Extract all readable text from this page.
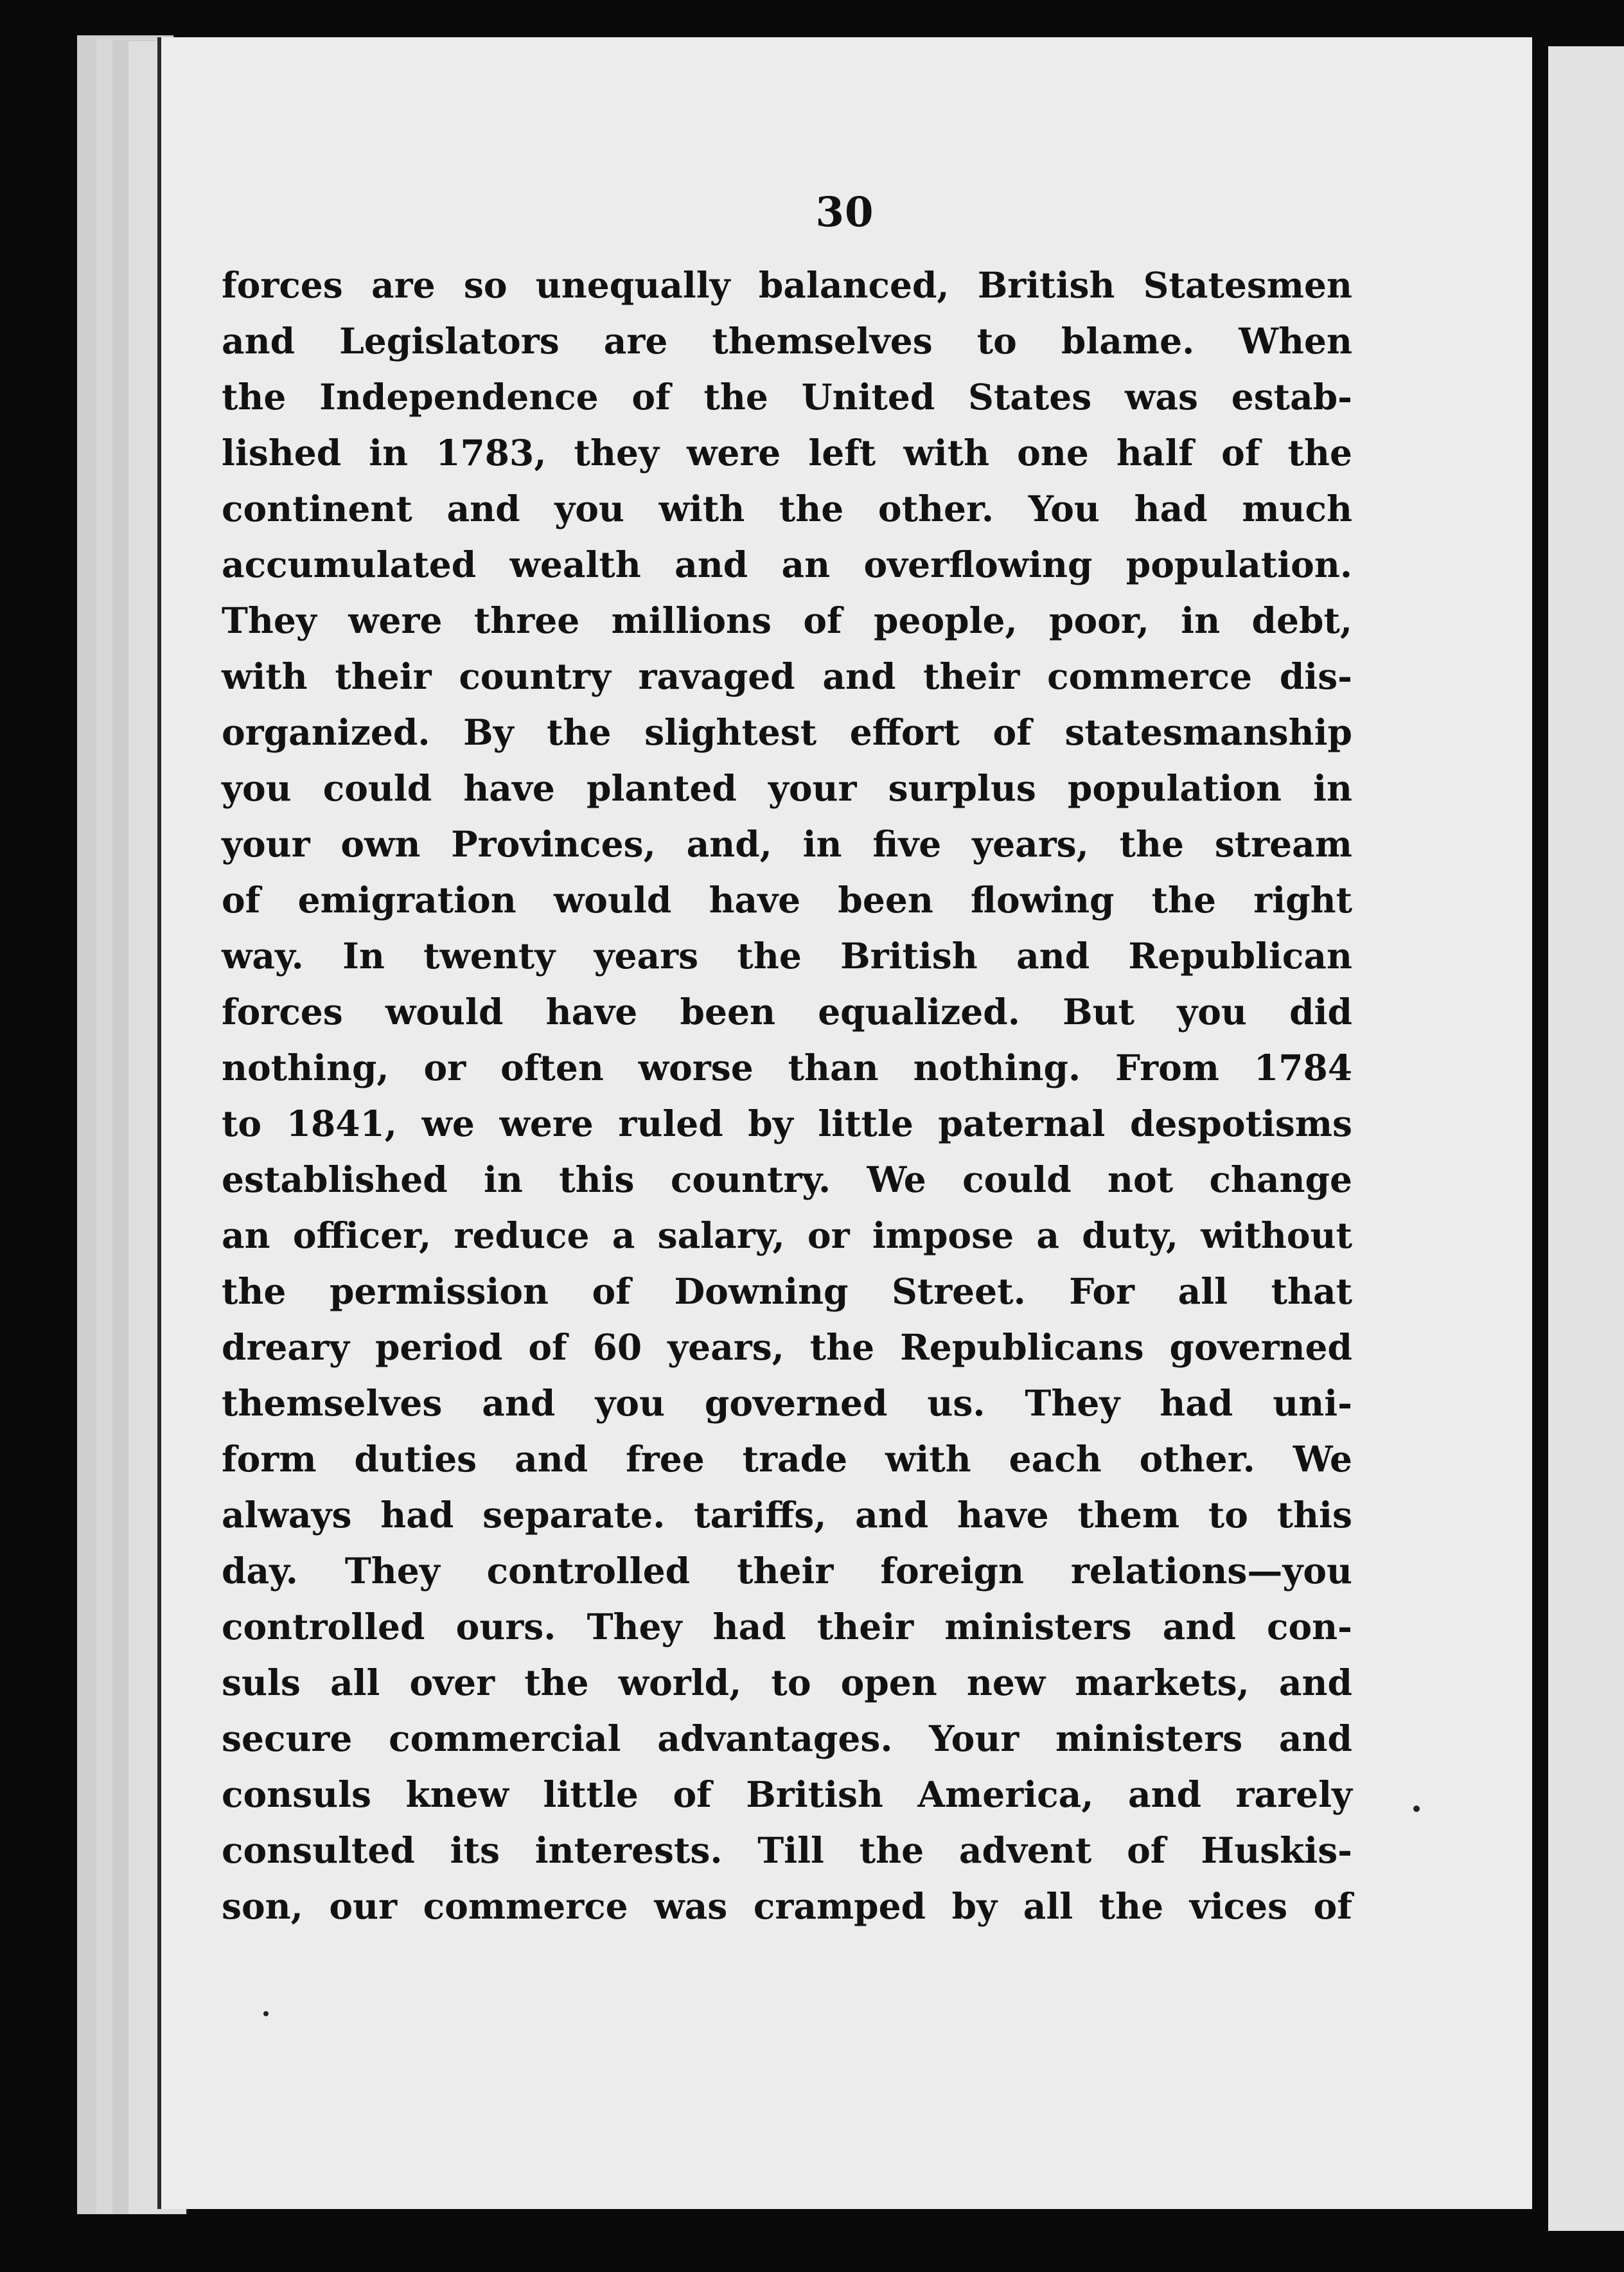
30
forces are so unequally balanced, British Statesmen
and Legislators are themselves to blame. When
the Independence of the United States was estab-
lished in 1783, they were left with one half of the
continent and you with the other. You had much
accumulated wealth and an overflowing population.
They were three millions of people, poor, in debt,
with their country ravaged and their commerce dis-
organized. By the slightest effort of statesmanship
you could have planted your surplus population in
your own Provinces, and, in five years, the stream
of emigration would have been flowing the right
way. In twenty years the British and Republican
forces would have been equalized. But you did
nothing, or often worse than nothing. From 1784
to 1841, we were ruled by little paternal despotisms
established in this country. We could not change
an officer, reduce a salary, or impose a duty, without
the permission of Downing Street. For all that
dreary period of 60 years, the Republicans governed
themselves and you governed us. They had uni-
form duties and free trade with each other. We
always had separate. tariffs, and have them to this
day. They controlled their foreign relations—you
controlled ours. They had their ministers and con-
suls all over the world, to open new markets, and
secure commercial advantages. Your ministers and
consuls knew little of British America, and rarely
consulted its interests. Till the advent of Huskis-
son, our commerce was cramped by all the vices of
